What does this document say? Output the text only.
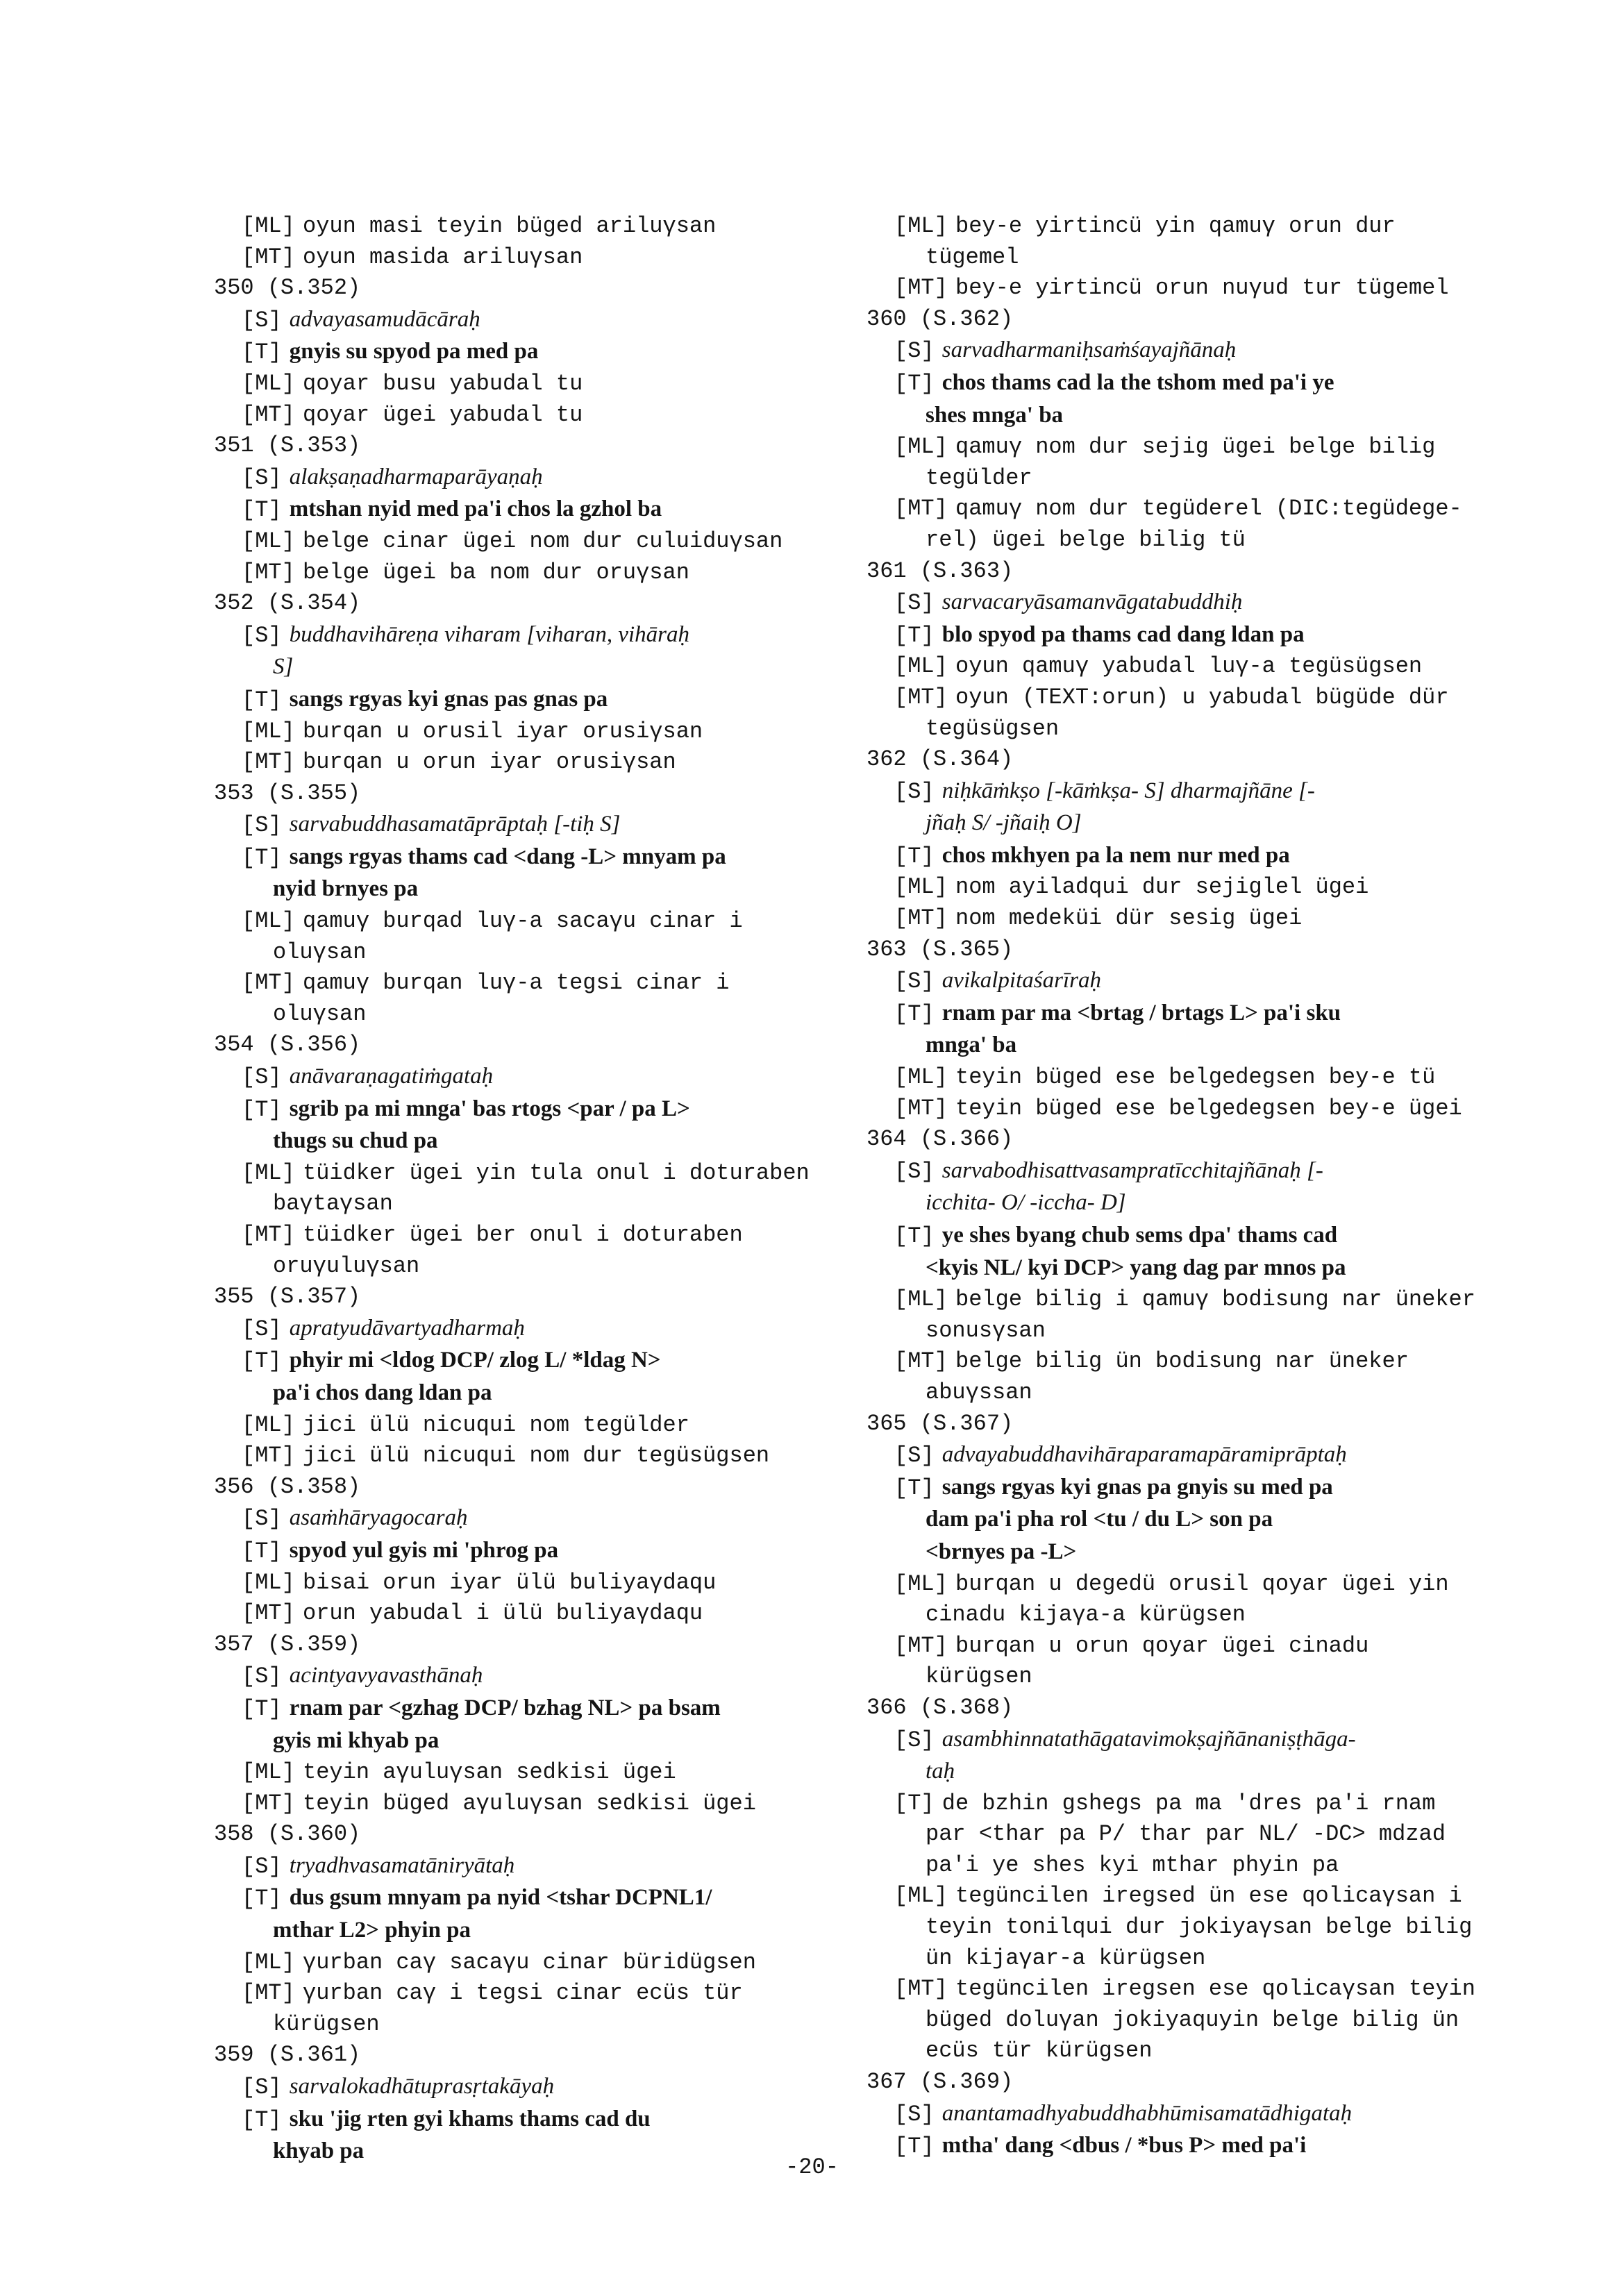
[ML] oyun masi teyin büged ariluγsan
[MT] oyun masida ariluγsan
350 (S.352)
[S] advayasamudācāraḥ
[T] gnyis su spyod pa med pa
[ML] qoyar busu yabudal tu
[MT] qoyar ügei yabudal tu
351 (S.353)
[S] alakṣaṇadharmaparāyaṇaḥ
[T] mtshan nyid med pa'i chos la gzhol ba
[ML] belge cinar ügei nom dur culuiduγsan
[MT] belge ügei ba nom dur oruγsan
352 (S.354)
[S] buddhavihāreṇa viharam [viharan, vihāraḥ
S]
[T] sangs rgyas kyi gnas pas gnas pa
[ML] burqan u orusil iyar orusiγsan
[MT] burqan u orun iyar orusiγsan
353 (S.355)
[S] sarvabuddhasamatāprāptaḥ [-tiḥ S]
[T] sangs rgyas thams cad <dang -L> mnyam pa
nyid brnyes pa
[ML] qamuγ burqad luγ-a sacaγu cinar i
oluγsan
[MT] qamuγ burqan luγ-a tegsi cinar i
oluγsan
354 (S.356)
[S] anāvaraṇagatiṁgataḥ
[T] sgrib pa mi mnga' bas rtogs <par / pa L>
thugs su chud pa
[ML] tüidker ügei yin tula onul i doturaben
baγtaγsan
[MT] tüidker ügei ber onul i doturaben
oruγuluγsan
355 (S.357)
[S] apratyudāvartyadharmaḥ
[T] phyir mi <ldog DCP/ zlog L/ *ldag N>
pa'i chos dang ldan pa
[ML] jici ülü nicuqui nom tegülder
[MT] jici ülü nicuqui nom dur tegüsügsen
356 (S.358)
[S] asaṁhāryagocaraḥ
[T] spyod yul gyis mi 'phrog pa
[ML] bisai orun iyar ülü buliyaγdaqu
[MT] orun yabudal i ülü buliyaγdaqu
357 (S.359)
[S] acintyavyavasthānaḥ
[T] rnam par <gzhag DCP/ bzhag NL> pa bsam
gyis mi khyab pa
[ML] teyin aγuluγsan sedkisi ügei
[MT] teyin büged aγuluγsan sedkisi ügei
358 (S.360)
[S] tryadhvasamatāniryātaḥ
[T] dus gsum mnyam pa nyid <tshar DCPNL1/
mthar L2> phyin pa
[ML] γurban caγ sacaγu cinar büridügsen
[MT] γurban caγ i tegsi cinar ecüs tür
kürügsen
359 (S.361)
[S] sarvalokadhātuprasṛtakāyaḥ
[T] sku 'jig rten gyi khams thams cad du
khyab pa
[ML] bey-e yirtincü yin qamuγ orun dur
tügemel
[MT] bey-e yirtincü orun nuγud tur tügemel
360 (S.362)
[S] sarvadharmaniḥsaṁśayajñānaḥ
[T] chos thams cad la the tshom med pa'i ye
shes mnga' ba
[ML] qamuγ nom dur sejig ügei belge bilig
tegülder
[MT] qamuγ nom dur tegüderel (DIC:tegüdege-
rel) ügei belge bilig tü
361 (S.363)
[S] sarvacaryāsamanvāgatabuddhiḥ
[T] blo spyod pa thams cad dang ldan pa
[ML] oyun qamuγ yabudal luγ-a tegüsügsen
[MT] oyun (TEXT:orun) u yabudal bügüde dür
tegüsügsen
362 (S.364)
[S] niḥkāṁkṣo [-kāṁkṣa- S] dharmajñāne [-
jñaḥ S/ -jñaiḥ O]
[T] chos mkhyen pa la nem nur med pa
[ML] nom ayiladqui dur sejiglel ügei
[MT] nom medeküi dür sesig ügei
363 (S.365)
[S] avikalpitaśarīraḥ
[T] rnam par ma <brtag / brtags L> pa'i sku
mnga' ba
[ML] teyin büged ese belgedegsen bey-e tü
[MT] teyin büged ese belgedegsen bey-e ügei
364 (S.366)
[S] sarvabodhisattvasampratīcchitajñānaḥ [-
icchita- O/ -iccha- D]
[T] ye shes byang chub sems dpa' thams cad
<kyis NL/ kyi DCP> yang dag par mnos pa
[ML] belge bilig i qamuγ bodisung nar üneker
sonusγsan
[MT] belge bilig ün bodisung nar üneker
abuγssan
365 (S.367)
[S] advayabuddhavihāraparamapāramiprāptaḥ
[T] sangs rgyas kyi gnas pa gnyis su med pa
dam pa'i pha rol <tu / du L> son pa
<brnyes pa -L>
[ML] burqan u degedü orusil qoyar ügei yin
cinadu kijaγa-a kürügsen
[MT] burqan u orun qoyar ügei cinadu
kürügsen
366 (S.368)
[S] asambhinnatathāgatavimokṣajñānaniṣṭhāga-
taḥ
[T] de bzhin gshegs pa ma 'dres pa'i rnam
par <thar pa P/ thar par NL/ -DC> mdzad
pa'i ye shes kyi mthar phyin pa
[ML] tegüncilen iregsed ün ese qolicaγsan i
teyin tonilqui dur jokiyaγsan belge bilig
ün kijaγar-a kürügsen
[MT] tegüncilen iregsen ese qolicaγsan teyin
büged doluγan jokiyaquyin belge bilig ün
ecüs tür kürügsen
367 (S.369)
[S] anantamadhyabuddhabhūmisamatādhigataḥ
[T] mtha' dang <dbus / *bus P> med pa'i
-20-
